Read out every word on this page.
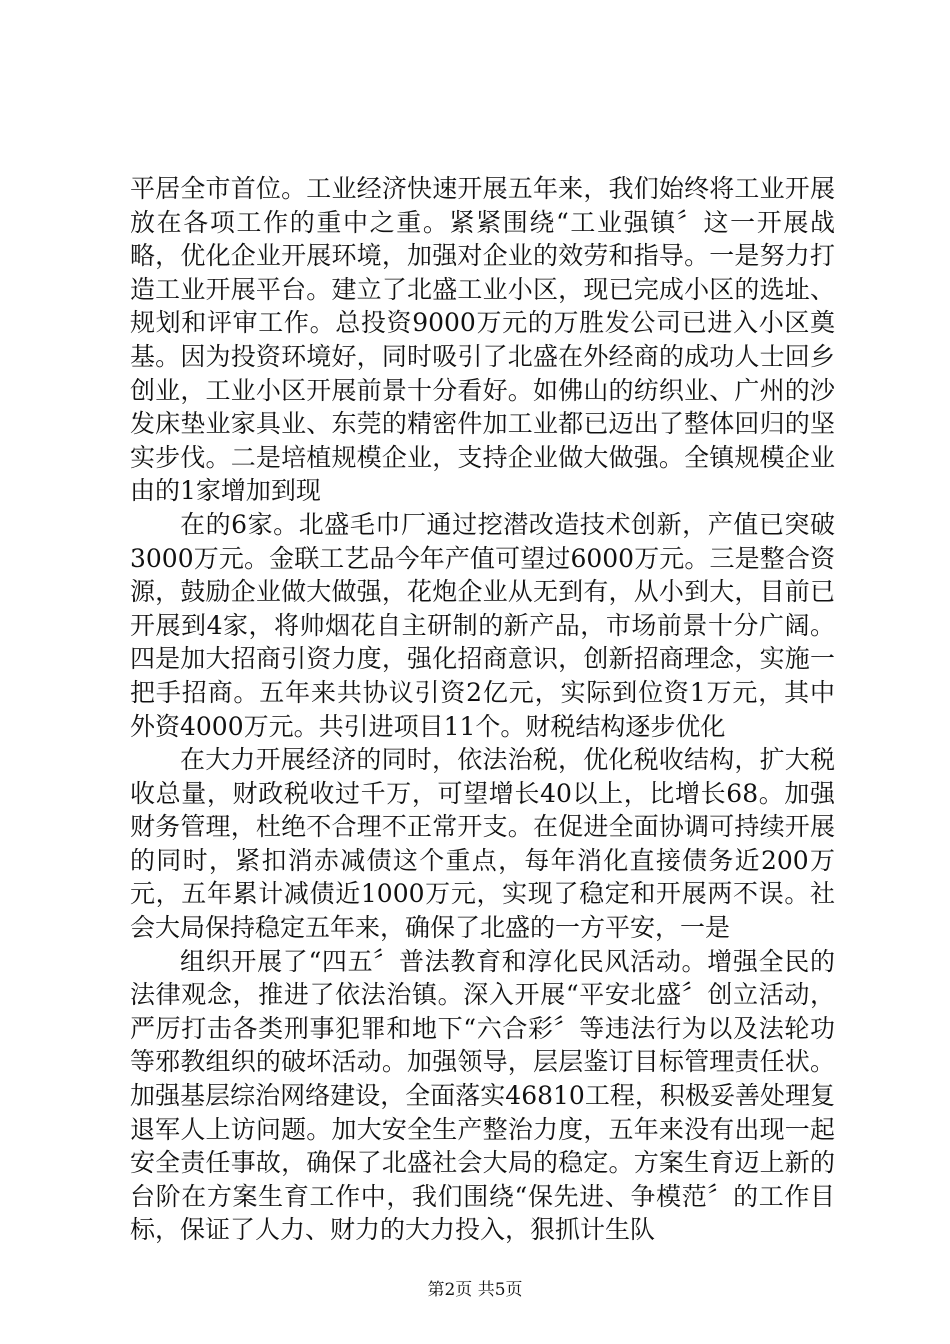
平居全市首位。工业经济快速开展五年来，我们始终将工业开展放在各项工作的重中之重。紧紧围绕“工业强镇〞这一开展战略，优化企业开展环境，加强对企业的效劳和指导。一是努力打造工业开展平台。建立了北盛工业小区，现已完成小区的选址、规划和评审工作。总投资9000万元的万胜发公司已进入小区奠基。因为投资环境好，同时吸引了北盛在外经商的成功人士回乡创业，工业小区开展前景十分看好。如佛山的纺织业、广州的沙发床垫业家具业、东莞的精密件加工业都已迈出了整体回归的坚实步伐。二是培植规模企业，支持企业做大做强。全镇规模企业由的1家增加到现

在的6家。北盛毛巾厂通过挖潜改造技术创新，产值已突破3000万元。金联工艺品今年产值可望过6000万元。三是整合资源，鼓励企业做大做强，花炮企业从无到有，从小到大，目前已开展到4家，将帅烟花自主研制的新产品，市场前景十分广阔。四是加大招商引资力度，强化招商意识，创新招商理念，实施一把手招商。五年来共协议引资2亿元，实际到位资1万元，其中外资4000万元。共引进项目11个。财税结构逐步优化

在大力开展经济的同时，依法治税，优化税收结构，扩大税收总量，财政税收过千万，可望增长40以上，比增长68。加强财务管理，杜绝不合理不正常开支。在促进全面协调可持续开展的同时，紧扣消赤减债这个重点，每年消化直接债务近200万元，五年累计减债近1000万元，实现了稳定和开展两不误。社会大局保持稳定五年来，确保了北盛的一方平安，一是

组织开展了“四五〞普法教育和淳化民风活动。增强全民的法律观念，推进了依法治镇。深入开展“平安北盛〞创立活动，严厉打击各类刑事犯罪和地下“六合彩〞等违法行为以及法轮功等邪教组织的破坏活动。加强领导，层层鉴订目标管理责任状。加强基层综治网络建设，全面落实46810工程，积极妥善处理复退军人上访问题。加大安全生产整治力度，五年来没有出现一起安全责任事故，确保了北盛社会大局的稳定。方案生育迈上新的台阶在方案生育工作中，我们围绕“保先进、争模范〞的工作目标，保证了人力、财力的大力投入，狠抓计生队

第2页 共5页
